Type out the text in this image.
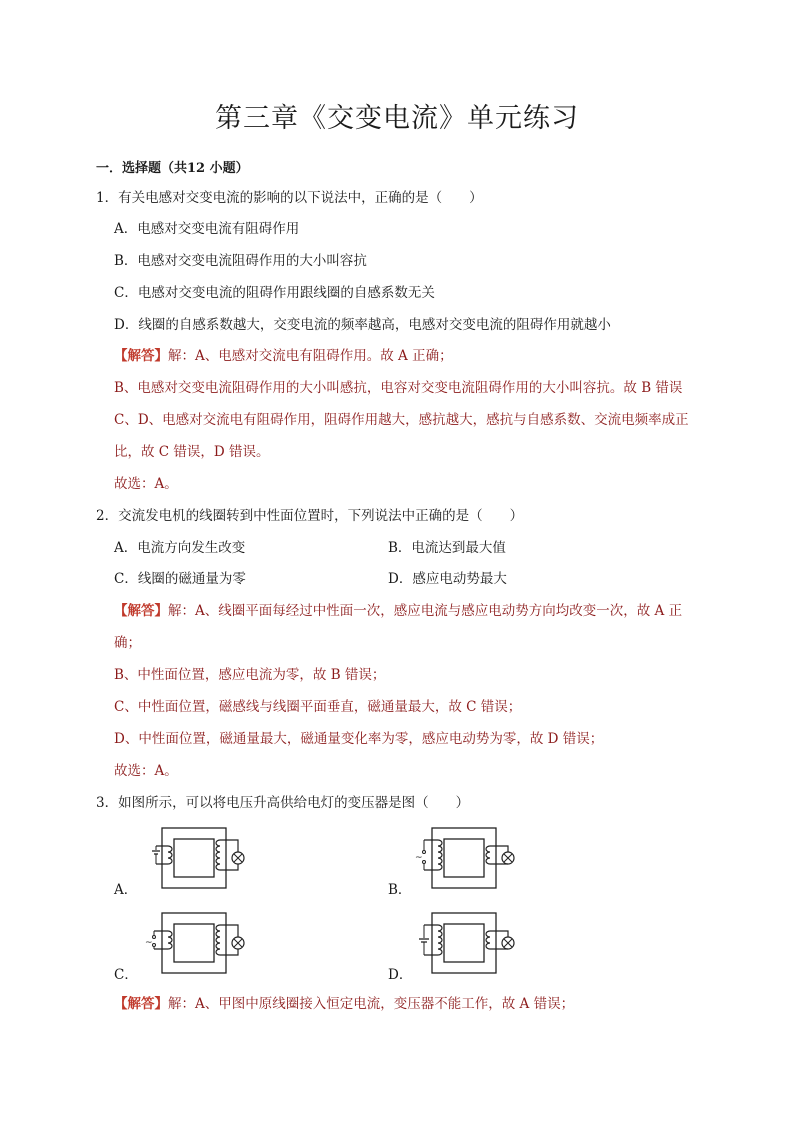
第三章《交变电流》单元练习
一．选择题（共12 小题）
1．有关电感对交变电流的影响的以下说法中，正确的是（　　）
A．电感对交变电流有阻碍作用
B．电感对交变电流阻碍作用的大小叫容抗
C．电感对交变电流的阻碍作用跟线圈的自感系数无关
D．线圈的自感系数越大，交变电流的频率越高，电感对交变电流的阻碍作用就越小
【解答】解：A、电感对交流电有阻碍作用。故 A 正确；
B、电感对交变电流阻碍作用的大小叫感抗，电容对交变电流阻碍作用的大小叫容抗。故 B 错误
C、D、电感对交流电有阻碍作用，阻碍作用越大，感抗越大，感抗与自感系数、交流电频率成正
比，故 C 错误，D 错误。
故选：A。
2．交流发电机的线圈转到中性面位置时，下列说法中正确的是（　　）
A．电流方向发生改变	B．电流达到最大值
C．线圈的磁通量为零	D．感应电动势最大
【解答】解：A、线圈平面每经过中性面一次，感应电流与感应电动势方向均改变一次，故 A 正
确；
B、中性面位置，感应电流为零，故 B 错误；
C、中性面位置，磁感线与线圈平面垂直，磁通量最大，故 C 错误；
D、中性面位置，磁通量最大，磁通量变化率为零，感应电动势为零，故 D 错误；
故选：A。
3．如图所示，可以将电压升高供给电灯的变压器是图（　　）
A．
~
B．
~
C．	D．
【解答】解：A、甲图中原线圈接入恒定电流，变压器不能工作，故 A 错误；
